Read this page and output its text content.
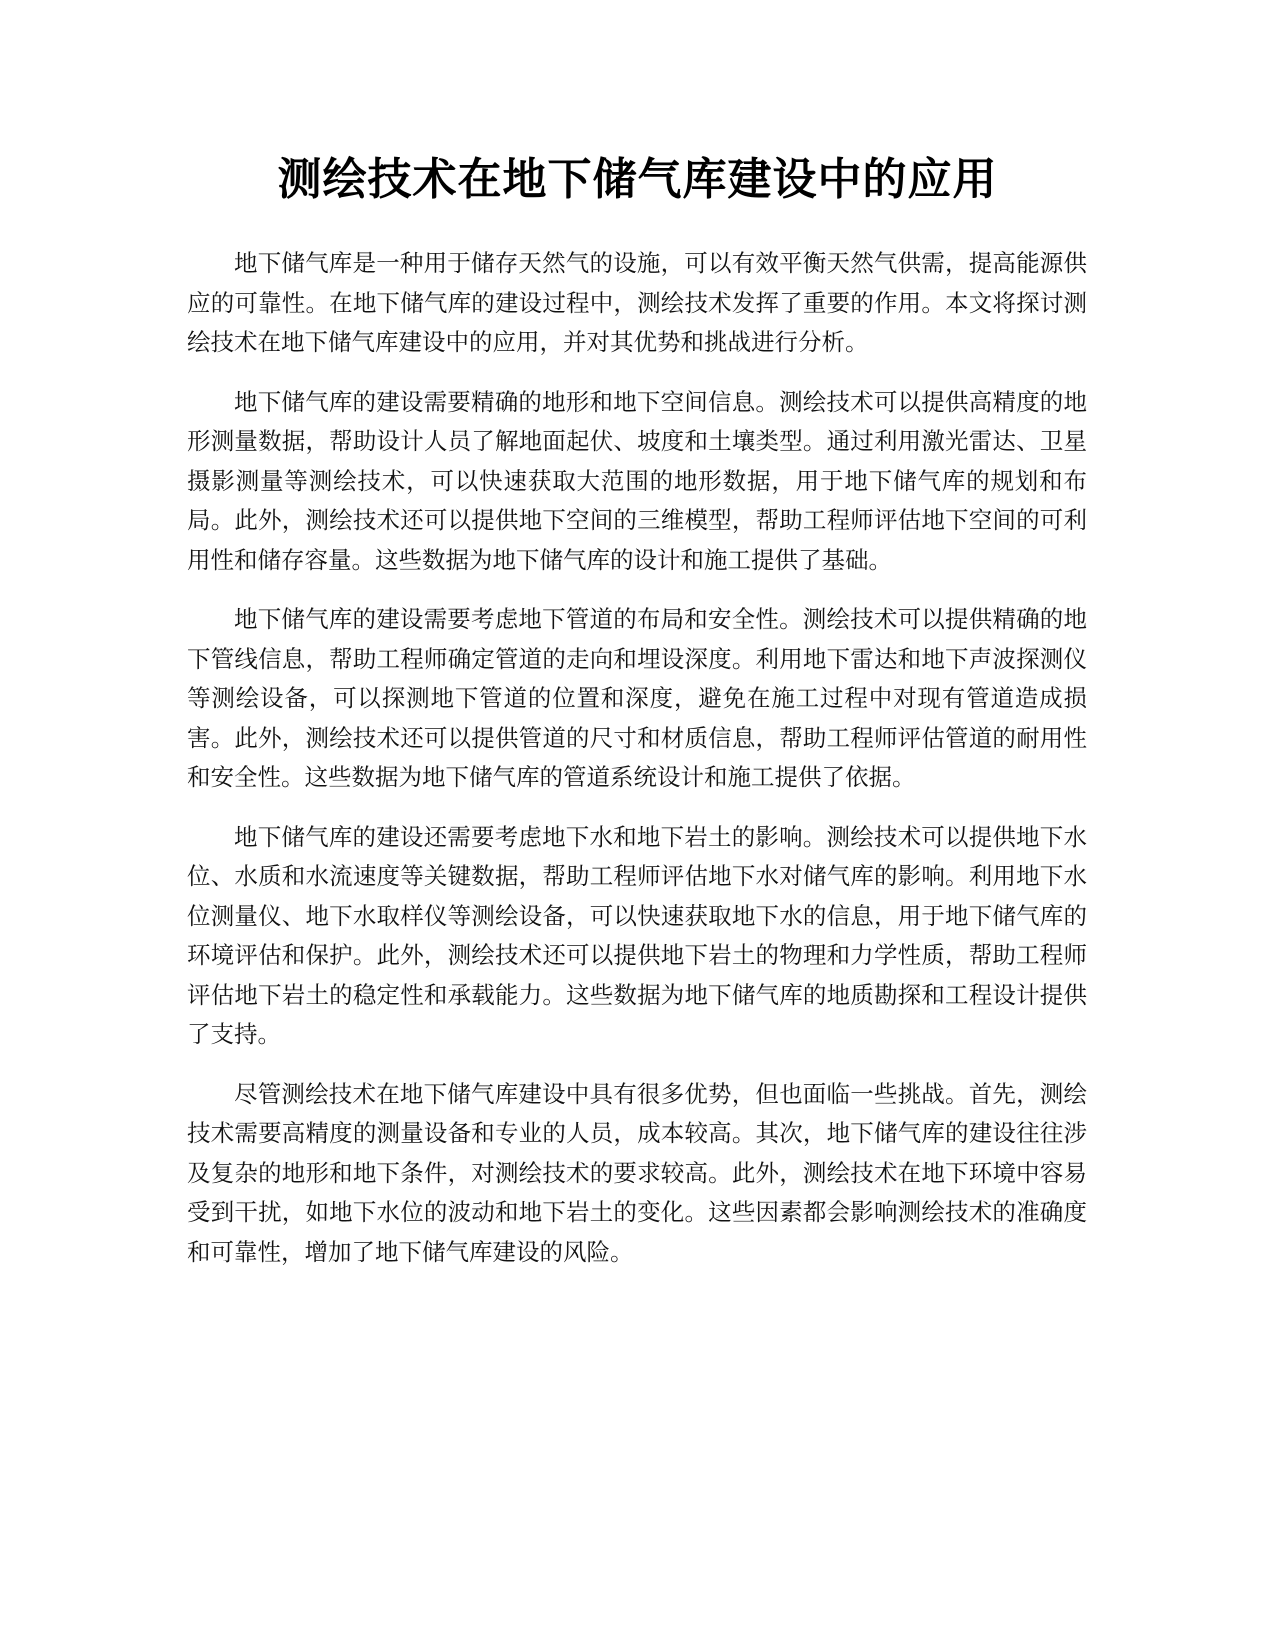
测绘技术在地下储气库建设中的应用

地下储气库是一种用于储存天然气的设施，可以有效平衡天然气供需，提高能源供应的可靠性。在地下储气库的建设过程中，测绘技术发挥了重要的作用。本文将探讨测绘技术在地下储气库建设中的应用，并对其优势和挑战进行分析。

地下储气库的建设需要精确的地形和地下空间信息。测绘技术可以提供高精度的地形测量数据，帮助设计人员了解地面起伏、坡度和土壤类型。通过利用激光雷达、卫星摄影测量等测绘技术，可以快速获取大范围的地形数据，用于地下储气库的规划和布局。此外，测绘技术还可以提供地下空间的三维模型，帮助工程师评估地下空间的可利用性和储存容量。这些数据为地下储气库的设计和施工提供了基础。

地下储气库的建设需要考虑地下管道的布局和安全性。测绘技术可以提供精确的地下管线信息，帮助工程师确定管道的走向和埋设深度。利用地下雷达和地下声波探测仪等测绘设备，可以探测地下管道的位置和深度，避免在施工过程中对现有管道造成损害。此外，测绘技术还可以提供管道的尺寸和材质信息，帮助工程师评估管道的耐用性和安全性。这些数据为地下储气库的管道系统设计和施工提供了依据。

地下储气库的建设还需要考虑地下水和地下岩土的影响。测绘技术可以提供地下水位、水质和水流速度等关键数据，帮助工程师评估地下水对储气库的影响。利用地下水位测量仪、地下水取样仪等测绘设备，可以快速获取地下水的信息，用于地下储气库的环境评估和保护。此外，测绘技术还可以提供地下岩土的物理和力学性质，帮助工程师评估地下岩土的稳定性和承载能力。这些数据为地下储气库的地质勘探和工程设计提供了支持。

尽管测绘技术在地下储气库建设中具有很多优势，但也面临一些挑战。首先，测绘技术需要高精度的测量设备和专业的人员，成本较高。其次，地下储气库的建设往往涉及复杂的地形和地下条件，对测绘技术的要求较高。此外，测绘技术在地下环境中容易受到干扰，如地下水位的波动和地下岩土的变化。这些因素都会影响测绘技术的准确度和可靠性，增加了地下储气库建设的风险。
